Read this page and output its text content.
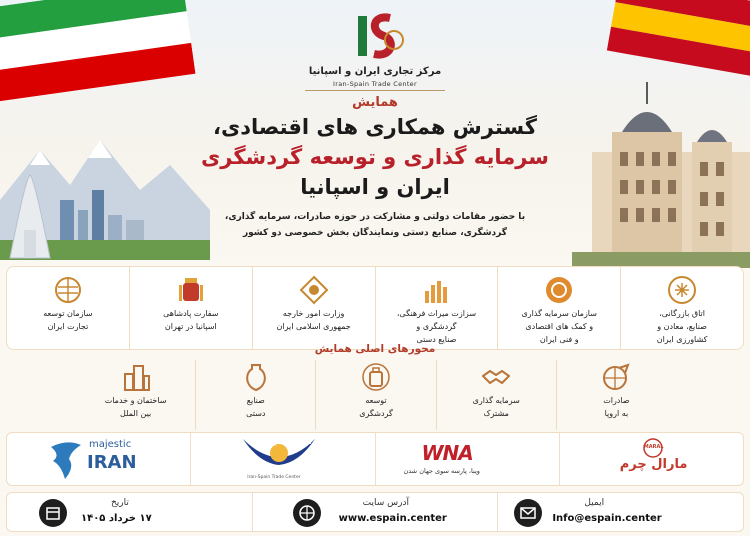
مرکز تجاری ایران و اسپانیا
Iran-Spain Trade Center
همایش
گسترش همکاری های اقتصادی،
سرمایه گذاری و توسعه گردشگری
ایران و اسپانیا
با حضور مقامات دولتی و مشارکت در حوزه صادرات، سرمایه گذاری،
گردشگری، صنایع دستی ونمایندگان بخش خصوصی دو کشور
اتاق بازرگانی،
صنایع، معادن و
کشاورزی ایران
سازمان سرمایه گذاری
و کمک های اقتصادی
و فنی ایران
سزازت میراث فرهنگی،
گردشگری و
صنایع دستی
وزارت امور خارجه
جمهوری اسلامی ایران
سفارت پادشاهی
اسپانیا در تهران
سازمان توسعه
تجارت ایران
محورهای اصلی همایش
صادرات
به اروپا
سرمایه گذاری
مشترک
توسعه
گردشگری
صنایع
دستی
ساختمان و خدمات
بین الملل
MARAL
مارال چرم
WNA
وینا، پارسه سوی جهان شدن
ایران سپانی
Iran-Spain Trade Center
majestic
IRAN
ایمیل
Info@espain.center
آدرس سایت
www.espain.center
تاریخ
۱۷ خرداد ۱۴۰۵
